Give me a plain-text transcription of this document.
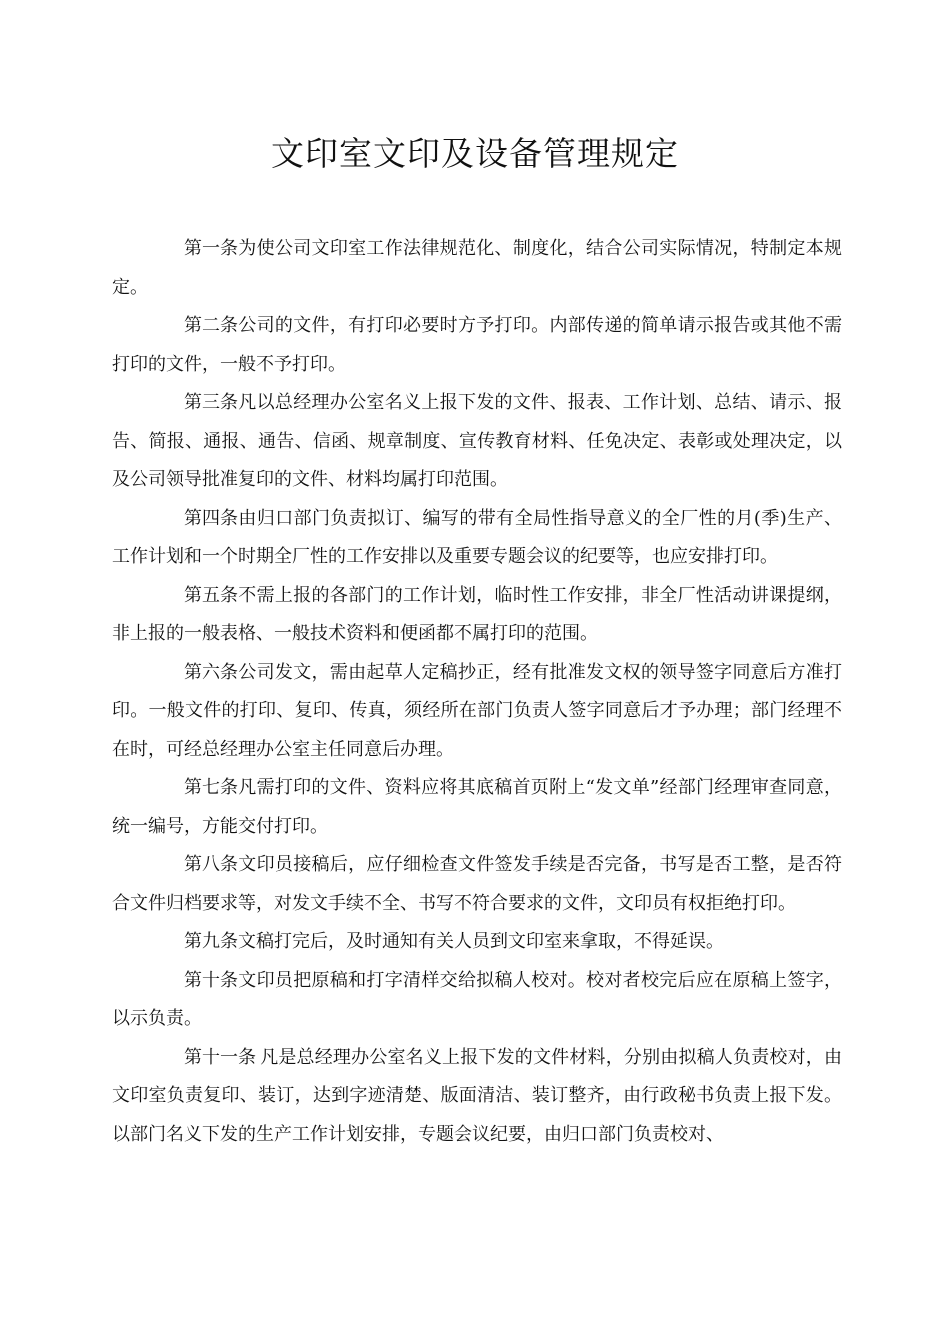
文印室文印及设备管理规定

第一条为使公司文印室工作法律规范化、制度化，结合公司实际情况，特制定本规定。

第二条公司的文件，有打印必要时方予打印。内部传递的简单请示报告或其他不需打印的文件，一般不予打印。

第三条凡以总经理办公室名义上报下发的文件、报表、工作计划、总结、请示、报告、简报、通报、通告、信函、规章制度、宣传教育材料、任免决定、表彰或处理决定，以及公司领导批准复印的文件、材料均属打印范围。

第四条由归口部门负责拟订、编写的带有全局性指导意义的全厂性的月(季)生产、工作计划和一个时期全厂性的工作安排以及重要专题会议的纪要等，也应安排打印。

第五条不需上报的各部门的工作计划，临时性工作安排，非全厂性活动讲课提纲，非上报的一般表格、一般技术资料和便函都不属打印的范围。

第六条公司发文，需由起草人定稿抄正，经有批准发文权的领导签字同意后方准打印。一般文件的打印、复印、传真，须经所在部门负责人签字同意后才予办理；部门经理不在时，可经总经理办公室主任同意后办理。

第七条凡需打印的文件、资料应将其底稿首页附上“发文单”经部门经理审查同意，统一编号，方能交付打印。

第八条文印员接稿后，应仔细检查文件签发手续是否完备，书写是否工整，是否符合文件归档要求等，对发文手续不全、书写不符合要求的文件，文印员有权拒绝打印。

第九条文稿打完后，及时通知有关人员到文印室来拿取，不得延误。

第十条文印员把原稿和打字清样交给拟稿人校对。校对者校完后应在原稿上签字，以示负责。

第十一条 凡是总经理办公室名义上报下发的文件材料，分别由拟稿人负责校对，由文印室负责复印、装订，达到字迹清楚、版面清洁、装订整齐，由行政秘书负责上报下发。以部门名义下发的生产工作计划安排，专题会议纪要，由归口部门负责校对、
